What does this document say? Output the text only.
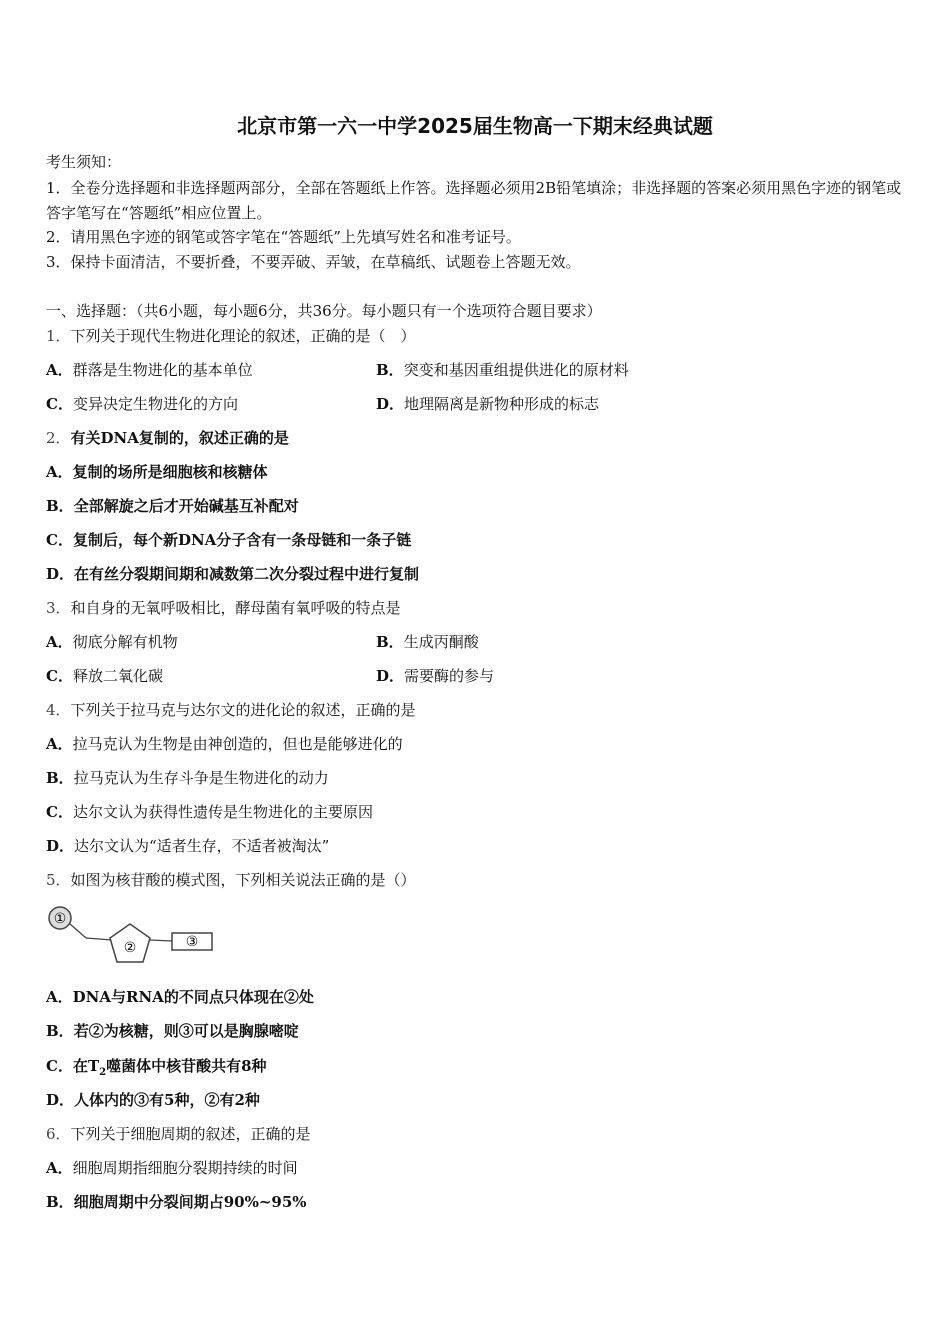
北京市第一六一中学2025届生物高一下期末经典试题
考生须知：
1．全卷分选择题和非选择题两部分，全部在答题纸上作答。选择题必须用2B铅笔填涂；非选择题的答案必须用黑色字迹的钢笔或答字笔写在“答题纸”相应位置上。
2．请用黑色字迹的钢笔或答字笔在“答题纸”上先填写姓名和准考证号。
3．保持卡面清洁，不要折叠，不要弄破、弄皱，在草稿纸、试题卷上答题无效。
一、选择题：（共6小题，每小题6分，共36分。每小题只有一个选项符合题目要求）
1．下列关于现代生物进化理论的叙述，正确的是（　）
A．群落是生物进化的基本单位	B．突变和基因重组提供进化的原材料
C．变异决定生物进化的方向	D．地理隔离是新物种形成的标志
2．有关DNA复制的，叙述正确的是
A．复制的场所是细胞核和核糖体
B．全部解旋之后才开始碱基互补配对
C．复制后，每个新DNA分子含有一条母链和一条子链
D．在有丝分裂期间期和减数第二次分裂过程中进行复制
3．和自身的无氧呼吸相比，酵母菌有氧呼吸的特点是
A．彻底分解有机物	B．生成丙酮酸
C．释放二氧化碳	D．需要酶的参与
4．下列关于拉马克与达尔文的进化论的叙述，正确的是
A．拉马克认为生物是由神创造的，但也是能够进化的
B．拉马克认为生存斗争是生物进化的动力
C．达尔文认为获得性遗传是生物进化的主要原因
D．达尔文认为“适者生存，不适者被淘汰”
5．如图为核苷酸的模式图，下列相关说法正确的是（）
①
②	③
A．DNA与RNA的不同点只体现在②处
B．若②为核糖，则③可以是胸腺嘧啶
C．在$T_2$噬菌体中核苷酸共有8种
D．人体内的③有5种，②有2种
6．下列关于细胞周期的叙述，正确的是
A．细胞周期指细胞分裂期持续的时间
B．细胞周期中分裂间期占90%~95%
